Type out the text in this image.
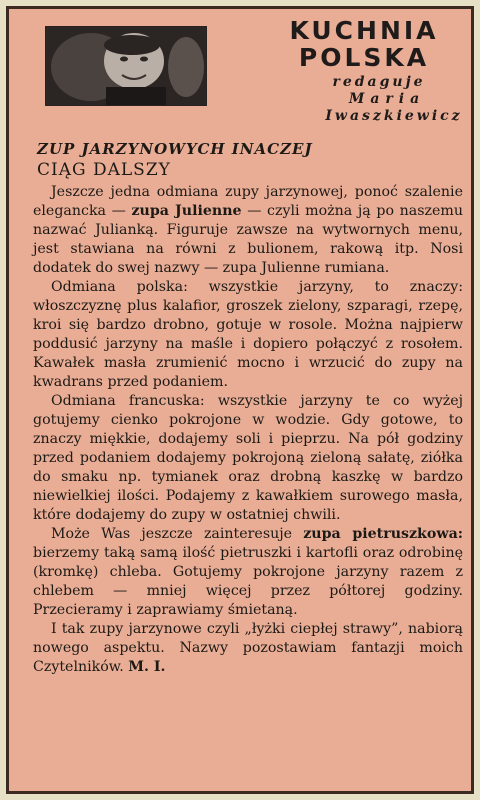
KUCHNIA
POLSKA
redaguje
Maria
Iwaszkiewicz
ZUP JARZYNOWYCH INACZEJ
CIĄG DALSZY

Jeszcze jedna odmiana zupy jarzynowej, ponoć szalenie elegancka — zupa Julienne — czyli można ją po naszemu nazwać Julianką. Figuruje zawsze na wytwornych menu, jest stawiana na równi z bulionem, rakową itp. Nosi dodatek do swej nazwy — zupa Julienne rumiana.

Odmiana polska: wszystkie jarzyny, to znaczy: włoszczyznę plus kalafior, groszek zielony, szparagi, rzepę, kroi się bardzo drobno, gotuje w rosole. Można najpierw poddusić jarzyny na maśle i dopiero połączyć z rosołem. Kawałek masła zrumienić mocno i wrzucić do zupy na kwadrans przed podaniem.

Odmiana francuska: wszystkie jarzyny te co wyżej gotujemy cienko pokrojone w wodzie. Gdy gotowe, to znaczy miękkie, dodajemy soli i pieprzu. Na pół godziny przed podaniem dodajemy pokrojoną zieloną sałatę, ziółka do smaku np. tymianek oraz drobną kaszkę w bardzo niewielkiej ilości. Podajemy z kawałkiem surowego masła, które dodajemy do zupy w ostatniej chwili.

Może Was jeszcze zainteresuje zupa pietruszkowa: bierzemy taką samą ilość pietruszki i kartofli oraz odrobinę (kromkę) chleba. Gotujemy pokrojone jarzyny razem z chlebem — mniej więcej przez półtorej godziny. Przecieramy i zaprawiamy śmietaną.

I tak zupy jarzynowe czyli „łyżki ciepłej strawy”, nabiorą nowego aspektu. Nazwy pozostawiam fantazji moich Czytelników. M. I.
